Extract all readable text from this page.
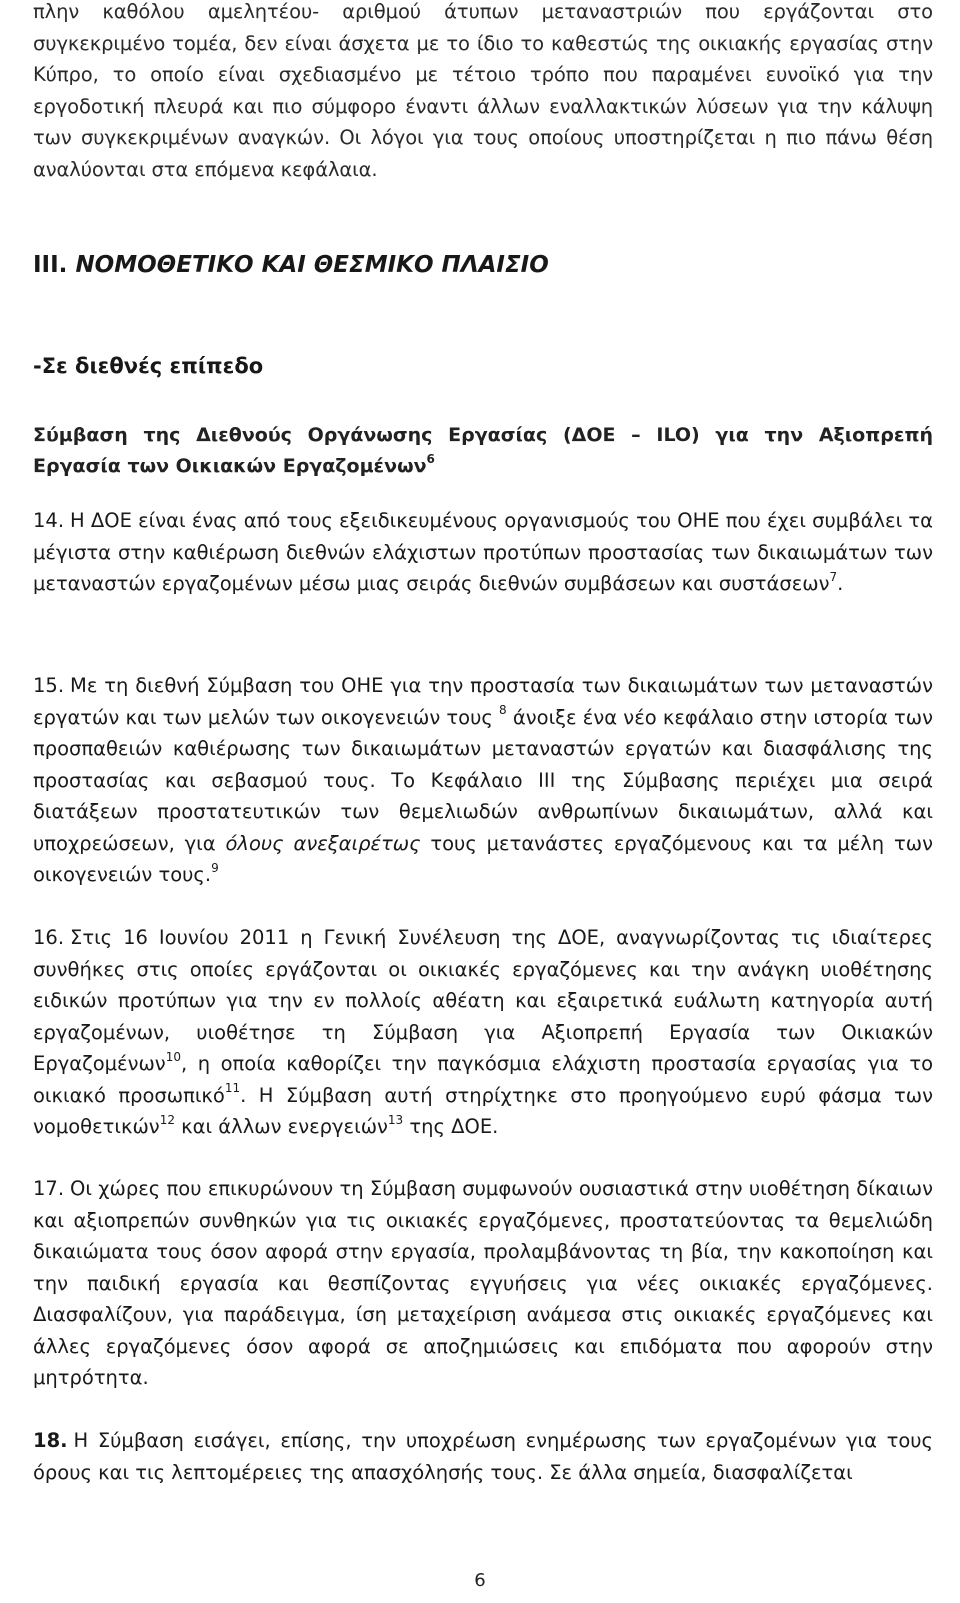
πλην καθόλου αμελητέου- αριθμού άτυπων μεταναστριών που εργάζονται στο συγκεκριμένο τομέα, δεν είναι άσχετα με το ίδιο το καθεστώς της οικιακής εργασίας στην Κύπρο, το οποίο είναι σχεδιασμένο με τέτοιο τρόπο που παραμένει ευνοϊκό για την εργοδοτική πλευρά και πιο σύμφορο έναντι άλλων εναλλακτικών λύσεων για την κάλυψη των συγκεκριμένων αναγκών. Οι λόγοι για τους οποίους υποστηρίζεται η πιο πάνω θέση αναλύονται στα επόμενα κεφάλαια.
III. ΝΟΜΟΘΕΤΙΚΟ ΚΑΙ ΘΕΣΜΙΚΟ ΠΛΑΙΣΙΟ
-Σε διεθνές επίπεδο
Σύμβαση της Διεθνούς Οργάνωσης Εργασίας (ΔΟΕ – ILO) για την Αξιοπρεπή Εργασία των Οικιακών Εργαζομένων$^6$
14. Η ΔΟΕ είναι ένας από τους εξειδικευμένους οργανισμούς του ΟΗΕ που έχει συμβάλει τα μέγιστα στην καθιέρωση διεθνών ελάχιστων προτύπων προστασίας των δικαιωμάτων των μεταναστών εργαζομένων μέσω μιας σειράς διεθνών συμβάσεων και συστάσεων$^7$.
15. Με τη διεθνή Σύμβαση του ΟΗΕ για την προστασία των δικαιωμάτων των μεταναστών εργατών και των μελών των οικογενειών τους $^8$ άνοιξε ένα νέο κεφάλαιο στην ιστορία των προσπαθειών καθιέρωσης των δικαιωμάτων μεταναστών εργατών και διασφάλισης της προστασίας και σεβασμού τους. Το Κεφάλαιο ΙΙΙ της Σύμβασης περιέχει μια σειρά διατάξεων προστατευτικών των θεμελιωδών ανθρωπίνων δικαιωμάτων, αλλά και υποχρεώσεων, για όλους ανεξαιρέτως τους μετανάστες εργαζόμενους και τα μέλη των οικογενειών τους.$^9$
16. Στις 16 Ιουνίου 2011 η Γενική Συνέλευση της ΔΟΕ, αναγνωρίζοντας τις ιδιαίτερες συνθήκες στις οποίες εργάζονται οι οικιακές εργαζόμενες και την ανάγκη υιοθέτησης ειδικών προτύπων για την εν πολλοίς αθέατη και εξαιρετικά ευάλωτη κατηγορία αυτή εργαζομένων, υιοθέτησε τη Σύμβαση για Αξιοπρεπή Εργασία των Οικιακών Εργαζομένων$^{10}$, η οποία καθορίζει την παγκόσμια ελάχιστη προστασία εργασίας για το οικιακό προσωπικό$^{11}$. Η Σύμβαση αυτή στηρίχτηκε στο προηγούμενο ευρύ φάσμα των νομοθετικών$^{12}$ και άλλων ενεργειών$^{13}$ της ΔΟΕ.
17. Οι χώρες που επικυρώνουν τη Σύμβαση συμφωνούν ουσιαστικά στην υιοθέτηση δίκαιων και αξιοπρεπών συνθηκών για τις οικιακές εργαζόμενες, προστατεύοντας τα θεμελιώδη δικαιώματα τους όσον αφορά στην εργασία, προλαμβάνοντας τη βία, την κακοποίηση και την παιδική εργασία και θεσπίζοντας εγγυήσεις για νέες οικιακές εργαζόμενες. Διασφαλίζουν, για παράδειγμα, ίση μεταχείριση ανάμεσα στις οικιακές εργαζόμενες και άλλες εργαζόμενες όσον αφορά σε αποζημιώσεις και επιδόματα που αφορούν στην μητρότητα.
18. Η Σύμβαση εισάγει, επίσης, την υποχρέωση ενημέρωσης των εργαζομένων για τους όρους και τις λεπτομέρειες της απασχόλησής τους. Σε άλλα σημεία, διασφαλίζεται
6
